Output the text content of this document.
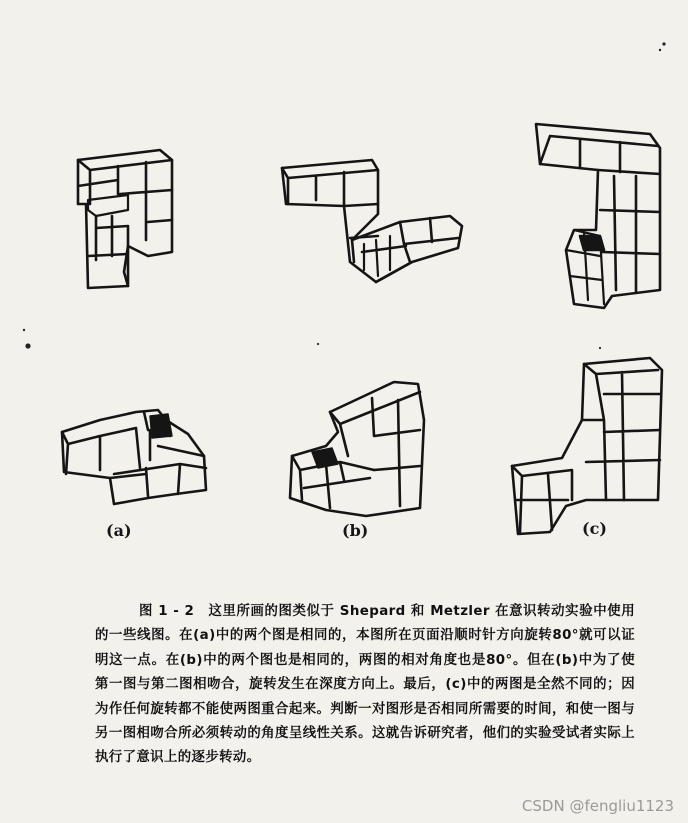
(a)	(b)	(c)
图 1 - 2 这里所画的图类似于 Shepard 和 Metzler 在意识转动实验中使用的一些线图。在(a)中的两个图是相同的，本图所在页面沿顺时针方向旋转80°就可以证明这一点。在(b)中的两个图也是相同的，两图的相对角度也是80°。但在(b)中为了使第一图与第二图相吻合，旋转发生在深度方向上。最后，(c)中的两图是全然不同的；因为作任何旋转都不能使两图重合起来。判断一对图形是否相同所需要的时间，和使一图与另一图相吻合所必须转动的角度呈线性关系。这就告诉研究者，他们的实验受试者实际上执行了意识上的逐步转动。
CSDN @fengliu1123
